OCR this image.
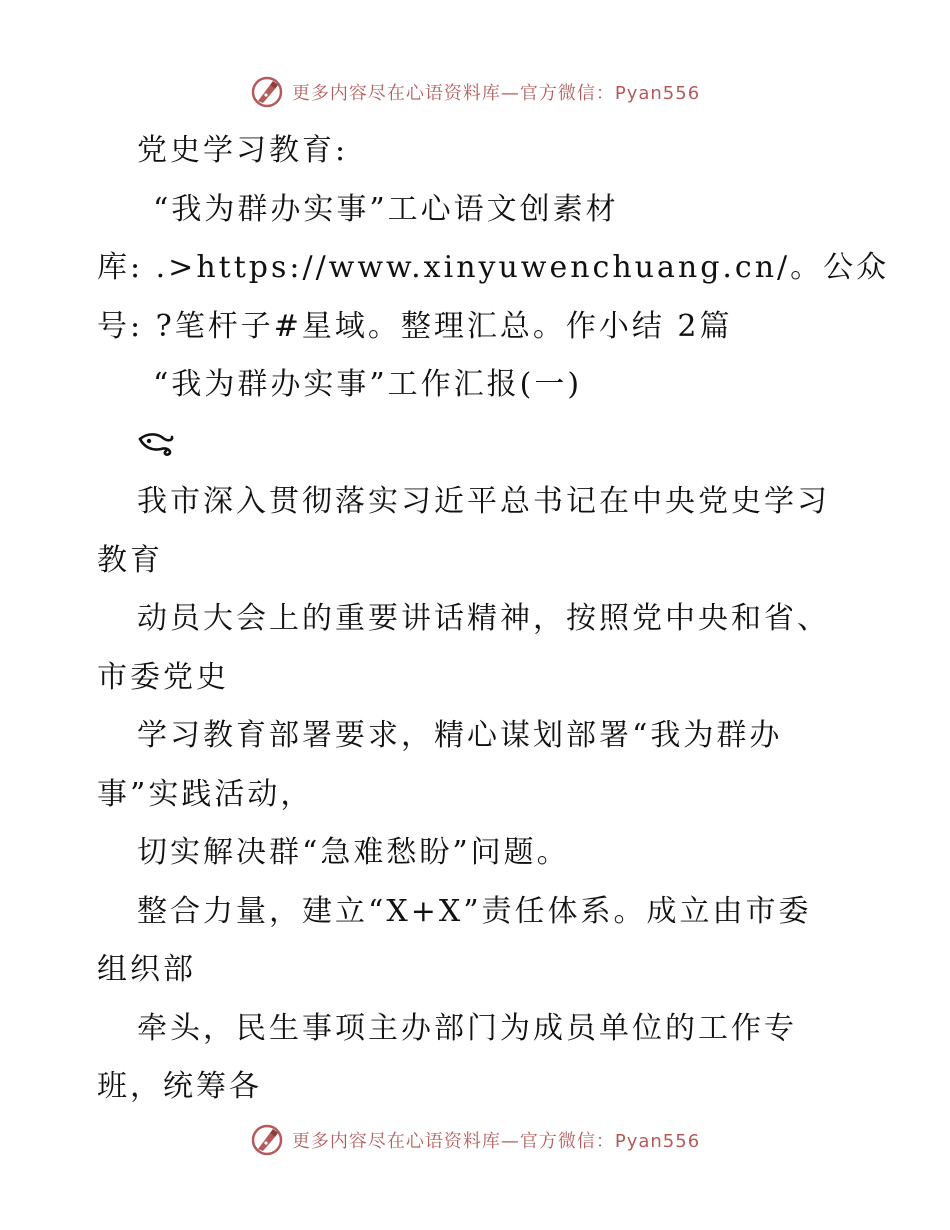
更多内容尽在心语资料库—官方微信：Pyan556
党史学习教育:
“我为群办实事”工心语文创素材
库: .>https://www.xinyuwenchuang.cn/。公众
号: ?笔杆子#星域。整理汇总。作小结 2篇
“我为群办实事”工作汇报(一)
我市深入贯彻落实习近平总书记在中央党史学习
教育
动员大会上的重要讲话精神，按照党中央和省、
市委党史
学习教育部署要求，精心谋划部署“我为群办
事”实践活动，
切实解决群“急难愁盼”问题。
整合力量，建立“X+X”责任体系。成立由市委
组织部
牵头，民生事项主办部门为成员单位的工作专
班，统筹各
更多内容尽在心语资料库—官方微信：Pyan556
